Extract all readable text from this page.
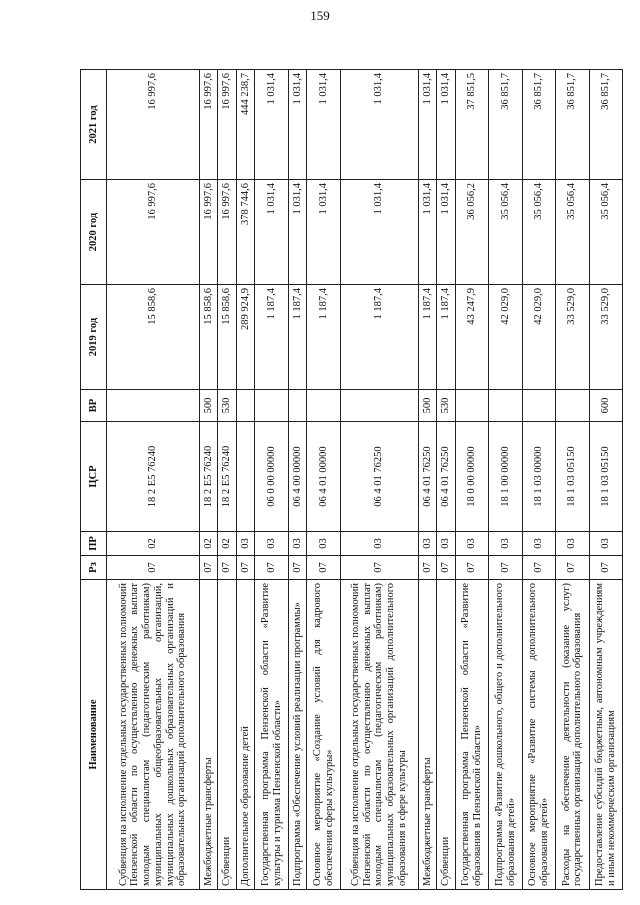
159
Наименование	Рз	ПР	ЦСР	ВР	2019 год	2020 год	2021 год
Субвенция на исполнение отдельных государственных полномочий Пензенской области по осуществлению денежных выплат молодым специалистам (педагогическим работникам) муниципальных общеобразовательных организаций, муниципальных дошкольных образовательных организаций и образовательных организаций дополнительного образования	07	02	18 2 E5 76240		15 858,6	16 997,6	16 997,6
Межбюджетные трансферты	07	02	18 2 E5 76240	500	15 858,6	16 997,6	16 997,6
Субвенции	07	02	18 2 E5 76240	530	15 858,6	16 997,6	16 997,6
Дополнительное образование детей	07	03			289 924,9	378 744,6	444 238,7
Государственная программа Пензенской области «Развитие культуры и туризма Пензенской области»	07	03	06 0 00 00000		1 187,4	1 031,4	1 031,4
Подпрограмма «Обеспечение условий реализации программы»	07	03	06 4 00 00000		1 187,4	1 031,4	1 031,4
Основное мероприятие «Создание условий для кадрового обеспечения сферы культуры»	07	03	06 4 01 00000		1 187,4	1 031,4	1 031,4
Субвенция на исполнение отдельных государственных полномочий Пензенской области по осуществлению денежных выплат молодым специалистам (педагогическим работникам) муниципальных образовательных организаций дополнительного образования в сфере культуры	07	03	06 4 01 76250		1 187,4	1 031,4	1 031,4
Межбюджетные трансферты	07	03	06 4 01 76250	500	1 187,4	1 031,4	1 031,4
Субвенции	07	03	06 4 01 76250	530	1 187,4	1 031,4	1 031,4
Государственная программа Пензенской области «Развитие образования в Пензенской области»	07	03	18 0 00 00000		43 247,9	36 056,2	37 851,5
Подпрограмма «Развитие дошкольного, общего и дополнительного образования детей»	07	03	18 1 00 00000		42 029,0	35 056,4	36 851,7
Основное мероприятие «Развитие системы дополнительного образования детей»	07	03	18 1 03 00000		42 029,0	35 056,4	36 851,7
Расходы на обеспечение деятельности (оказание услуг) государственных организаций дополнительного образования	07	03	18 1 03 05150		33 529,0	35 056,4	36 851,7
Предоставление субсидий бюджетным, автономным учреждениям и иным некоммерческим организациям	07	03	18 1 03 05150	600	33 529,0	35 056,4	36 851,7
